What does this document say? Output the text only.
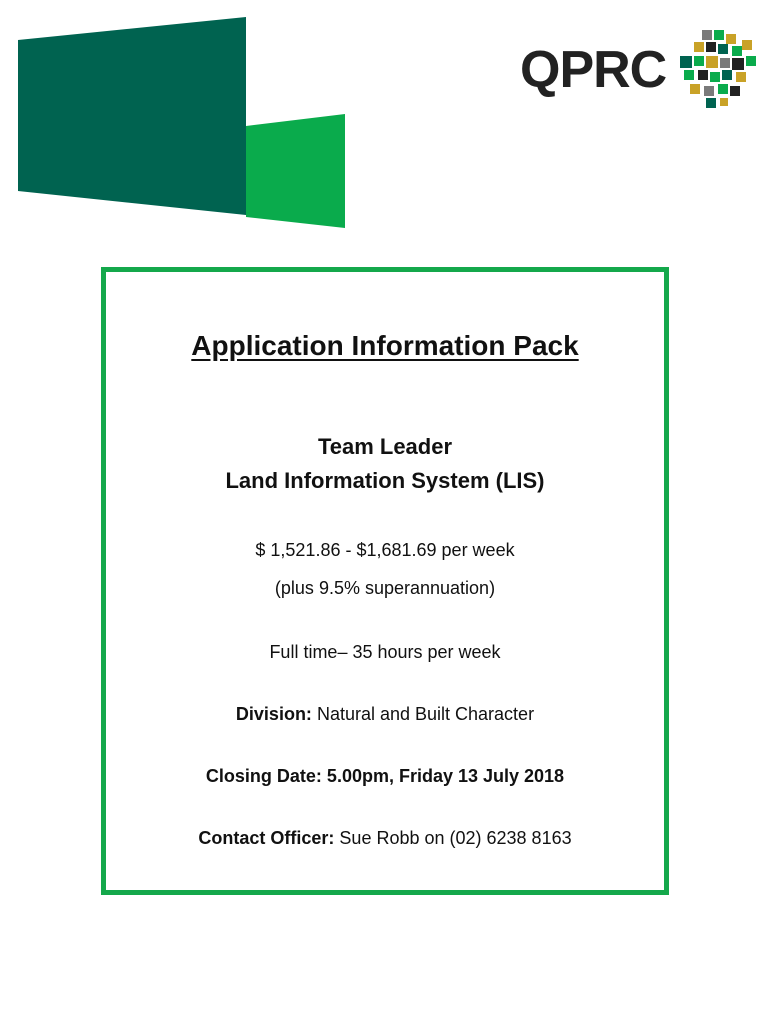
QPRC
Application Information Pack
Team Leader
Land Information System (LIS)
$ 1,521.86 - $1,681.69 per week
(plus 9.5% superannuation)
Full time– 35 hours per week
Division: Natural and Built Character
Closing Date: 5.00pm, Friday 13 July 2018
Contact Officer: Sue Robb on (02) 6238 8163
